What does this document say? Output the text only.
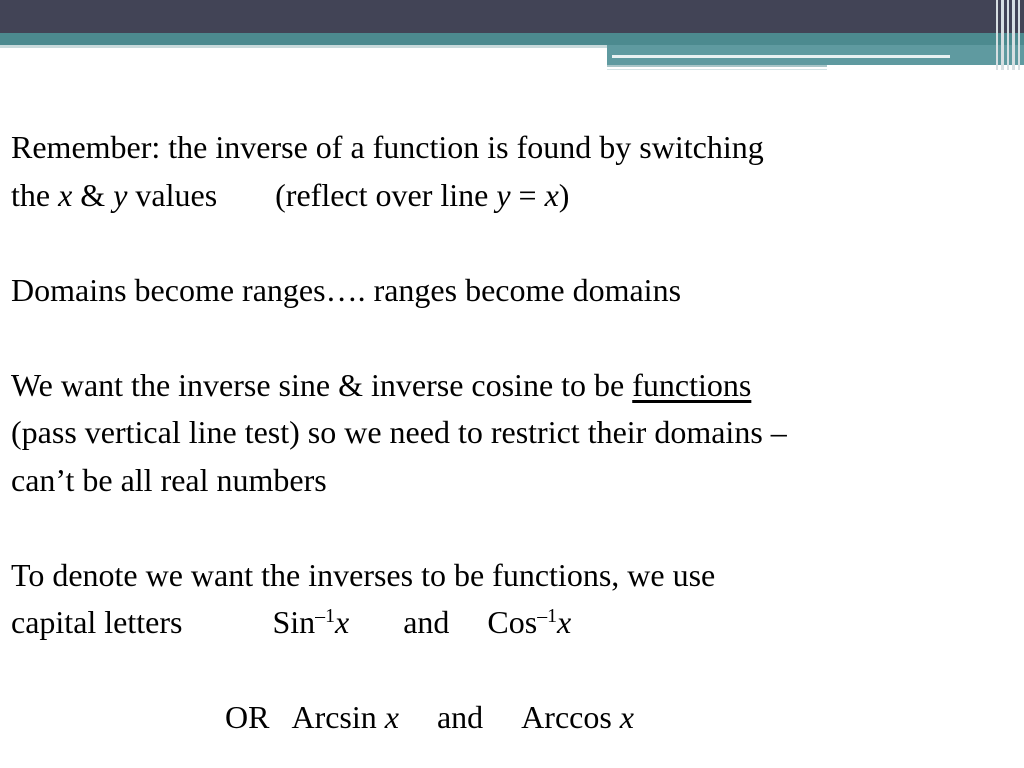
Remember: the inverse of a function is found by switching
the x & y values (reflect over line y = x)
Domains become ranges…. ranges become domains
We want the inverse sine & inverse cosine to be functions
(pass vertical line test) so we need to restrict their domains –
can’t be all real numbers
To denote we want the inverses to be functions, we use
capital letters	Sin$^{-1}$x and Cos$^{-1}$x
OR Arcsin x and Arccos x
